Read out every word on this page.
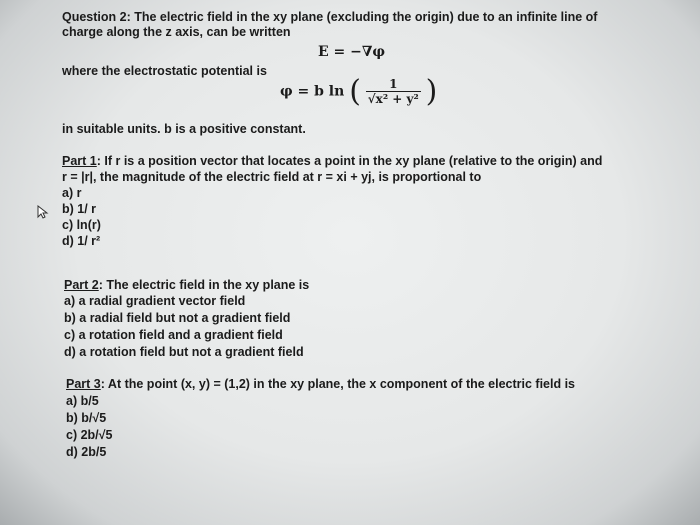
Question 2: The electric field in the xy plane (excluding the origin) due to an infinite line of
charge along the z axis, can be written
E = −∇φ
where the electrostatic potential is
φ = b ln ( $\frac{1}{\text{√x² + y²}}$ )
in suitable units. b is a positive constant.
Part 1: If r is a position vector that locates a point in the xy plane (relative to the origin) and
r = |r|, the magnitude of the electric field at r = xi + yj, is proportional to
a) r
b) 1/ r
c) ln(r)
d) 1/ r²
Part 2: The electric field in the xy plane is
a) a radial gradient vector field
b) a radial field but not a gradient field
c) a rotation field and a gradient field
d) a rotation field but not a gradient field
Part 3: At the point (x, y) = (1,2) in the xy plane, the x component of the electric field is
a) b/5
b) b/√5
c) 2b/√5
d) 2b/5
